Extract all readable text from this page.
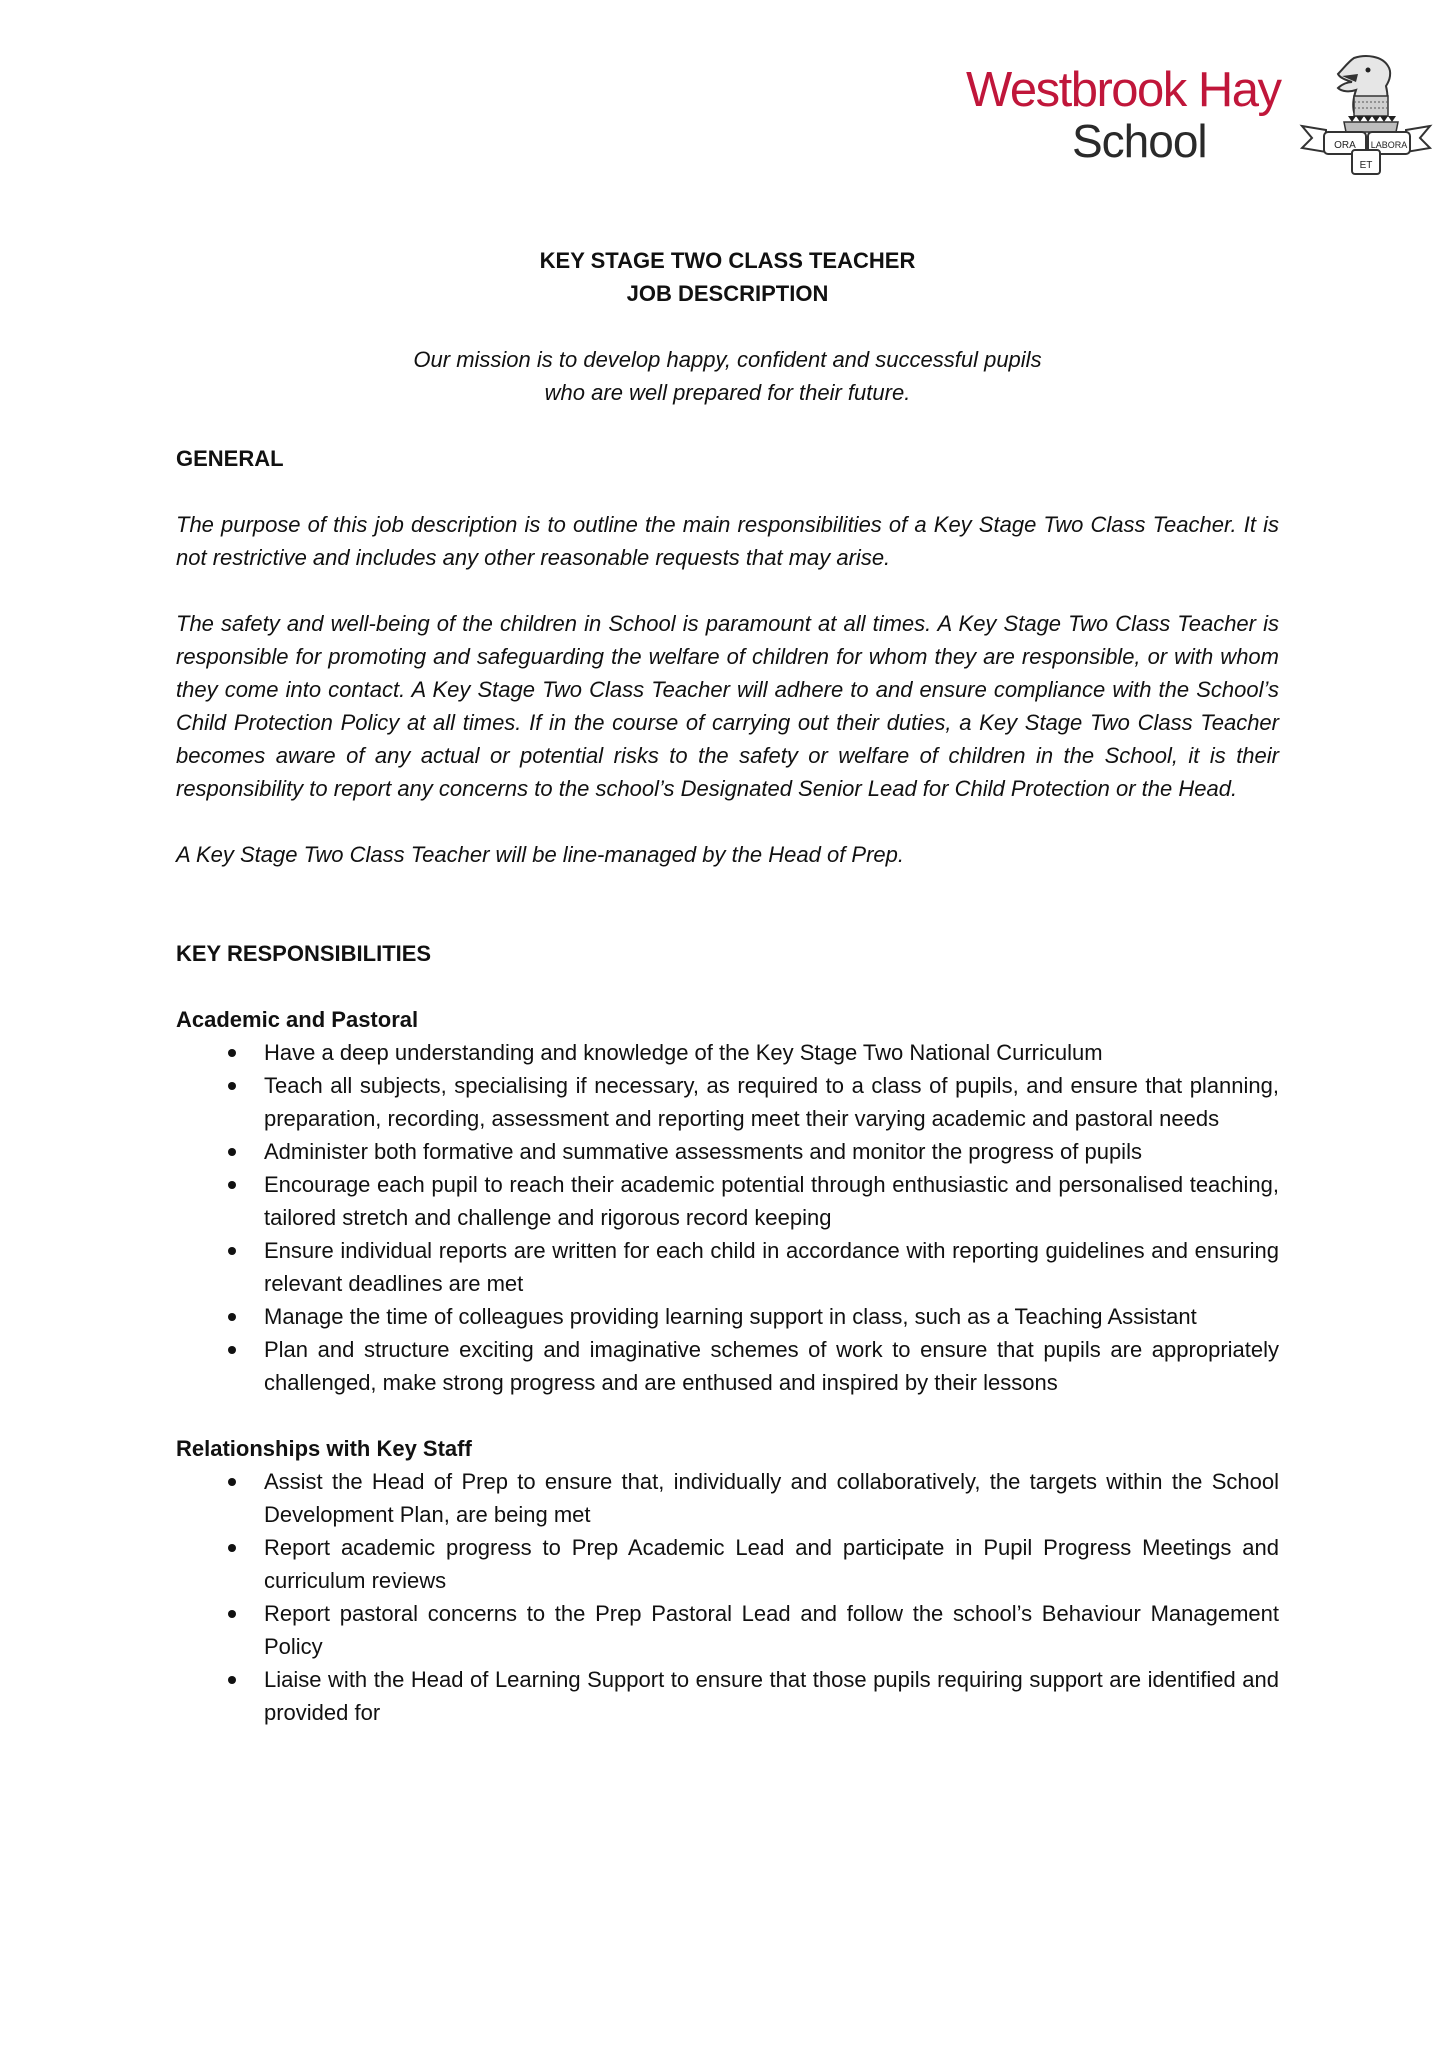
Westbrook Hay
School	ORA LABORA
ET

KEY STAGE TWO CLASS TEACHER

JOB DESCRIPTION

Our mission is to develop happy, confident and successful pupils

who are well prepared for their future.

GENERAL

The purpose of this job description is to outline the main responsibilities of a Key Stage Two Class Teacher. It is not restrictive and includes any other reasonable requests that may arise.

The safety and well-being of the children in School is paramount at all times. A Key Stage Two Class Teacher is responsible for promoting and safeguarding the welfare of children for whom they are responsible, or with whom they come into contact. A Key Stage Two Class Teacher will adhere to and ensure compliance with the School’s Child Protection Policy at all times. If in the course of carrying out their duties, a Key Stage Two Class Teacher becomes aware of any actual or potential risks to the safety or welfare of children in the School, it is their responsibility to report any concerns to the school’s Designated Senior Lead for Child Protection or the Head.

A Key Stage Two Class Teacher will be line-managed by the Head of Prep.

KEY RESPONSIBILITIES

Academic and Pastoral

Have a deep understanding and knowledge of the Key Stage Two National Curriculum
Teach all subjects, specialising if necessary, as required to a class of pupils, and ensure that planning, preparation, recording, assessment and reporting meet their varying academic and pastoral needs
Administer both formative and summative assessments and monitor the progress of pupils
Encourage each pupil to reach their academic potential through enthusiastic and personalised teaching, tailored stretch and challenge and rigorous record keeping
Ensure individual reports are written for each child in accordance with reporting guidelines and ensuring relevant deadlines are met
Manage the time of colleagues providing learning support in class, such as a Teaching Assistant
Plan and structure exciting and imaginative schemes of work to ensure that pupils are appropriately challenged, make strong progress and are enthused and inspired by their lessons

Relationships with Key Staff

Assist the Head of Prep to ensure that, individually and collaboratively, the targets within the School Development Plan, are being met
Report academic progress to Prep Academic Lead and participate in Pupil Progress Meetings and curriculum reviews
Report pastoral concerns to the Prep Pastoral Lead and follow the school’s Behaviour Management Policy
Liaise with the Head of Learning Support to ensure that those pupils requiring support are identified and provided for
